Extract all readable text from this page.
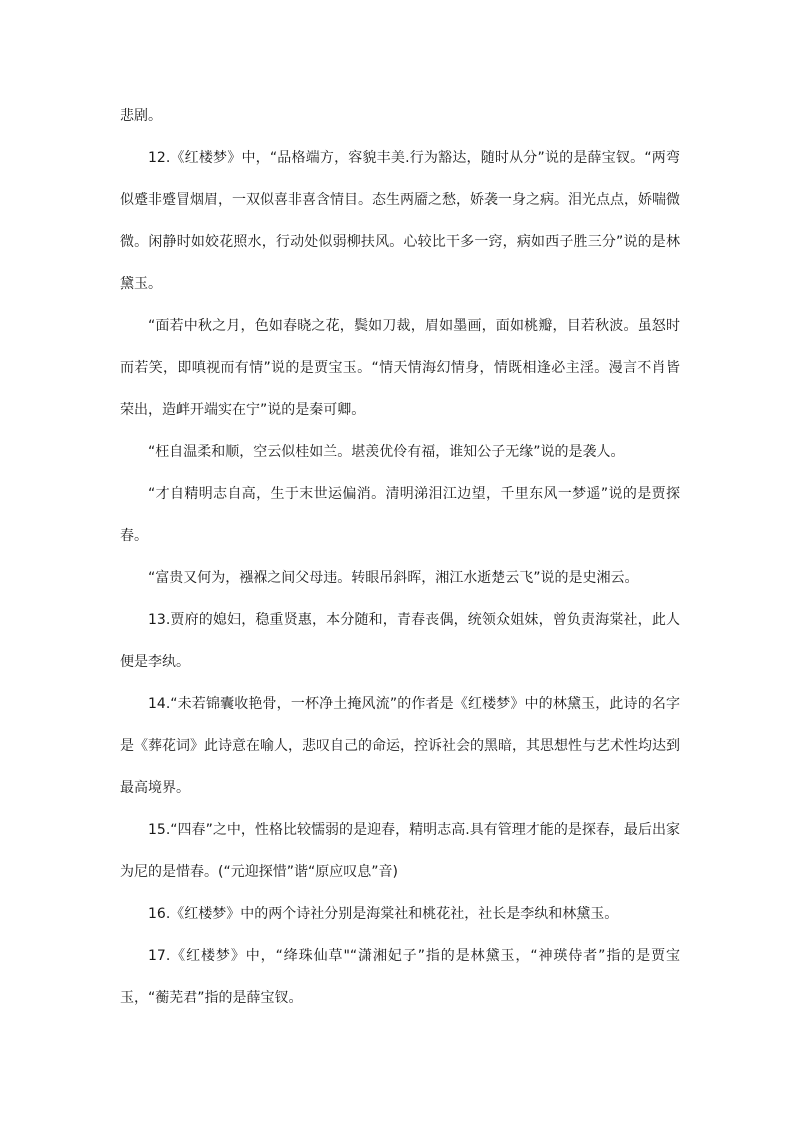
悲剧。

12.《红楼梦》中，“品格端方，容貌丰美.行为豁达，随时从分”说的是薛宝钗。“两弯似蹙非蹙冒烟眉，一双似喜非喜含情目。态生两靥之愁，娇袭一身之病。泪光点点，娇喘微微。闲静时如姣花照水，行动处似弱柳扶风。心较比干多一窍，病如西子胜三分”说的是林黛玉。

“面若中秋之月，色如春晓之花，鬓如刀裁，眉如墨画，面如桃瓣，目若秋波。虽怒时而若笑，即嗔视而有情”说的是贾宝玉。“情天情海幻情身，情既相逢必主淫。漫言不肖皆荣出，造衅开端实在宁”说的是秦可卿。

“枉自温柔和顺，空云似桂如兰。堪羡优伶有福，谁知公子无缘”说的是袭人。

“才自精明志自高，生于末世运偏消。清明涕泪江边望，千里东风一梦遥”说的是贾探春。

“富贵又何为，襁褓之间父母违。转眼吊斜晖，湘江水逝楚云飞”说的是史湘云。

13.贾府的媳妇，稳重贤惠，本分随和，青春丧偶，统领众姐妹，曾负责海棠社，此人便是李纨。

14.“未若锦囊收艳骨，一杯净土掩风流”的作者是《红楼梦》中的林黛玉，此诗的名字是《葬花词》此诗意在喻人，悲叹自己的命运，控诉社会的黑暗，其思想性与艺术性均达到最高境界。

15.“四春”之中，性格比较懦弱的是迎春，精明志高.具有管理才能的是探春，最后出家为尼的是惜春。(“元迎探惜”谐“原应叹息”音)

16.《红楼梦》中的两个诗社分别是海棠社和桃花社，社长是李纨和林黛玉。

17.《红楼梦》中，“绛珠仙草"“潇湘妃子”指的是林黛玉，“神瑛侍者”指的是贾宝玉，“蘅芜君”指的是薛宝钗。
